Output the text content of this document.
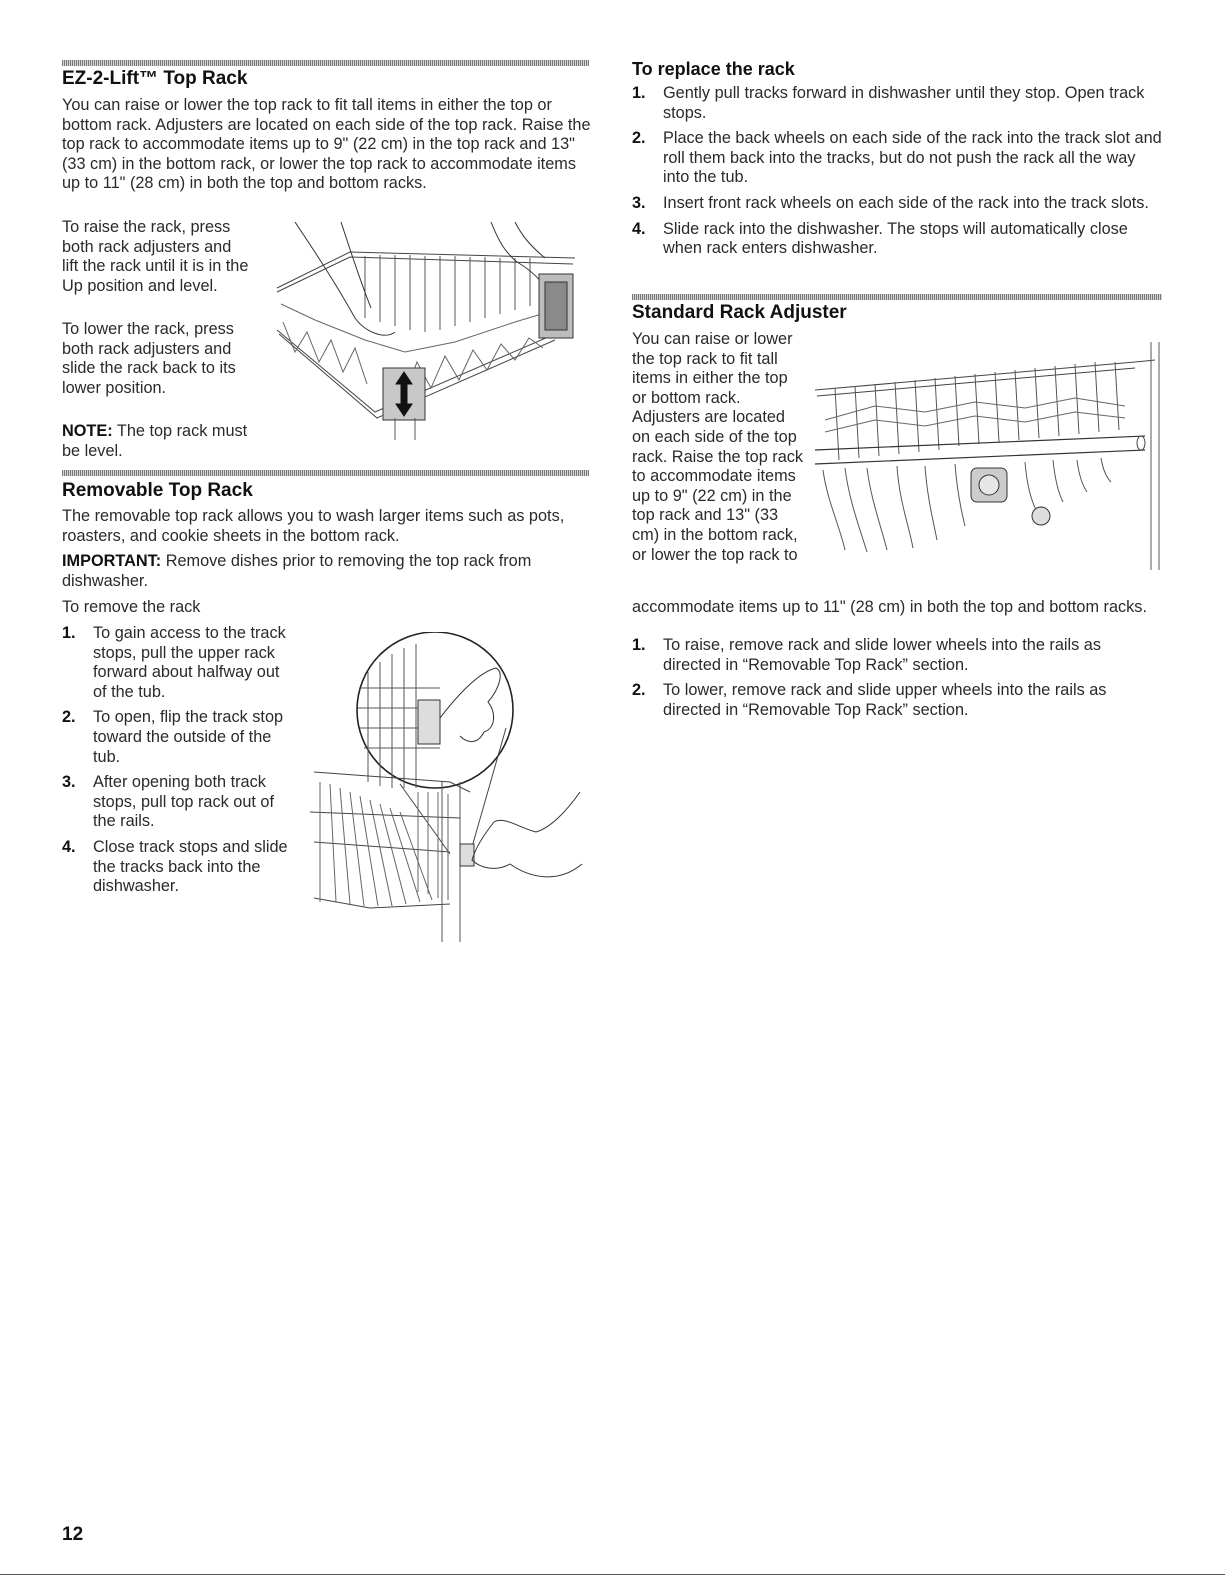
EZ-2-Lift™ Top Rack

You can raise or lower the top rack to fit tall items in either the top or bottom rack. Adjusters are located on each side of the top rack. Raise the top rack to accommodate items up to 9" (22 cm) in the top rack and 13" (33 cm) in the bottom rack, or lower the top rack to accommodate items up to 11" (28 cm) in both the top and bottom racks.

To raise the rack, press both rack adjusters and lift the rack until it is in the Up position and level.

To lower the rack, press both rack adjusters and slide the rack back to its lower position.

NOTE: The top rack must be level.

Removable Top Rack

The removable top rack allows you to wash larger items such as pots, roasters, and cookie sheets in the bottom rack.

IMPORTANT: Remove dishes prior to removing the top rack from dishwasher.

To remove the rack

1. To gain access to the track stops, pull the upper rack forward about halfway out of the tub.
2. To open, flip the track stop toward the outside of the tub.
3. After opening both track stops, pull top rack out of the rails.
4. Close track stops and slide the tracks back into the dishwasher.
To replace the rack
1. Gently pull tracks forward in dishwasher until they stop. Open track stops.
2. Place the back wheels on each side of the rack into the track slot and roll them back into the tracks, but do not push the rack all the way into the tub.
3. Insert front rack wheels on each side of the rack into the track slots.
4. Slide rack into the dishwasher. The stops will automatically close when rack enters dishwasher.
Standard Rack Adjuster

You can raise or lower the top rack to fit tall items in either the top or bottom rack. Adjusters are located on each side of the top rack. Raise the top rack to accommodate items up to 9" (22 cm) in the top rack and 13" (33 cm) in the bottom rack, or lower the top rack to

accommodate items up to 11" (28 cm) in both the top and bottom racks.

1. To raise, remove rack and slide lower wheels into the rails as directed in “Removable Top Rack” section.
2. To lower, remove rack and slide upper wheels into the rails as directed in “Removable Top Rack” section.
12
